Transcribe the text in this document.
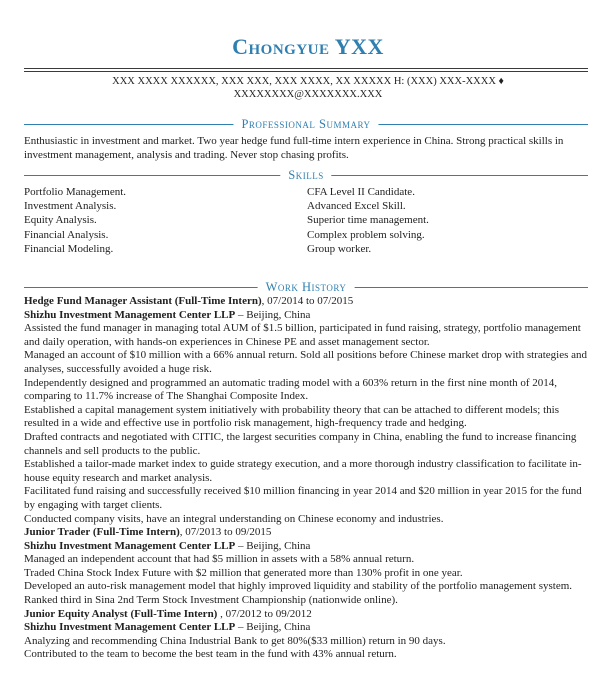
Chongyue YXX
XXX XXXX XXXXXX, XXX XXX, XXX XXXX, XX XXXXX H: (XXX) XXX-XXXX ♦
XXXXXXXX@XXXXXXX.XXX
Professional Summary
Enthusiastic in investment and market. Two year hedge fund full-time intern experience in China. Strong practical skills in investment management, analysis and trading. Never stop chasing profits.
Skills
Portfolio Management.
Investment Analysis.
Equity Analysis.
Financial Analysis.
Financial Modeling.
CFA Level II Candidate.
Advanced Excel Skill.
Superior time management.
Complex problem solving.
Group worker.
Work History
Hedge Fund Manager Assistant (Full-Time Intern), 07/2014 to 07/2015
Shizhu Investment Management Center LLP – Beijing, China

Assisted the fund manager in managing total AUM of $1.5 billion, participated in fund raising, strategy, portfolio management and daily operation, with hands-on experiences in Chinese PE and asset management sector.

Managed an account of $10 million with a 66% annual return. Sold all positions before Chinese market drop with strategies and analyses, successfully avoided a huge risk.

Independently designed and programmed an automatic trading model with a 603% return in the first nine month of 2014, comparing to 11.7% increase of The Shanghai Composite Index.

Established a capital management system initiatively with probability theory that can be attached to different models; this resulted in a wide and effective use in portfolio risk management, high-frequency trade and hedging.

Drafted contracts and negotiated with CITIC, the largest securities company in China, enabling the fund to increase financing channels and sell products to the public.

Established a tailor-made market index to guide strategy execution, and a more thorough industry classification to facilitate in-house equity research and market analysis.

Facilitated fund raising and successfully received $10 million financing in year 2014 and $20 million in year 2015 for the fund by engaging with target clients.

Conducted company visits, have an integral understanding on Chinese economy and industries.

Junior Trader (Full-Time Intern), 07/2013 to 09/2015
Shizhu Investment Management Center LLP – Beijing, China

Managed an independent account that had $5 million in assets with a 58% annual return.

Traded China Stock Index Future with $2 million that generated more than 130% profit in one year.

Developed an auto-risk management model that highly improved liquidity and stability of the portfolio management system.

Ranked third in Sina 2nd Term Stock Investment Championship (nationwide online).

Junior Equity Analyst (Full-Time Intern) , 07/2012 to 09/2012
Shizhu Investment Management Center LLP – Beijing, China

Analyzing and recommending China Industrial Bank to get 80%($33 million) return in 90 days.

Contributed to the team to become the best team in the fund with 43% annual return.
